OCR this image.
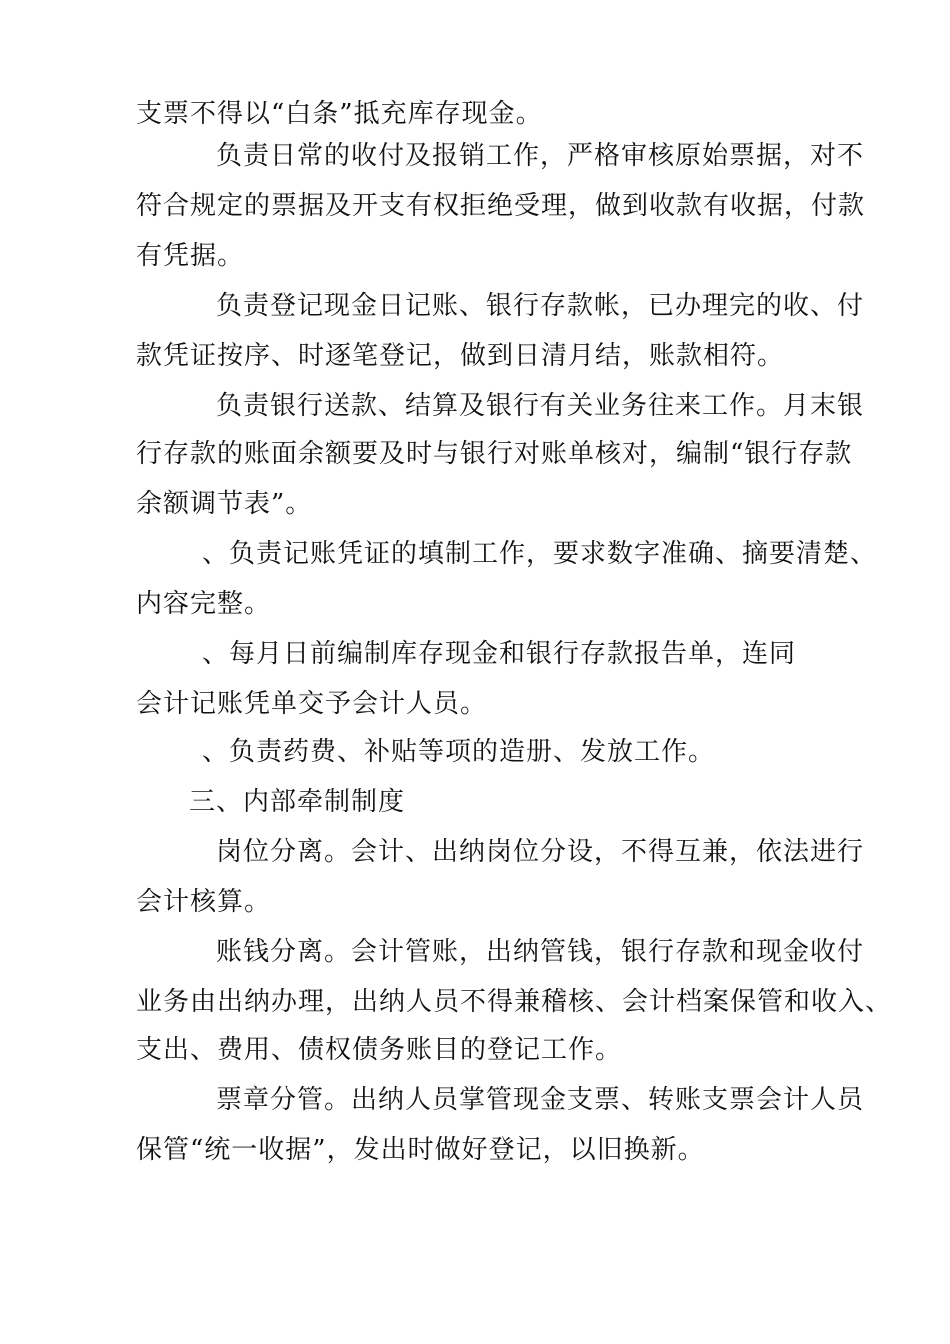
支票不得以“白条”抵充库存现金。
负责日常的收付及报销工作，严格审核原始票据，对不
符合规定的票据及开支有权拒绝受理，做到收款有收据，付款
有凭据。
负责登记现金日记账、银行存款帐，已办理完的收、付
款凭证按序、时逐笔登记，做到日清月结，账款相符。
负责银行送款、结算及银行有关业务往来工作。月末银
行存款的账面余额要及时与银行对账单核对，编制“银行存款
余额调节表”。
、负责记账凭证的填制工作，要求数字准确、摘要清楚、
内容完整。
、每月日前编制库存现金和银行存款报告单，连同
会计记账凭单交予会计人员。
、负责药费、补贴等项的造册、发放工作。
三、内部牵制制度
岗位分离。会计、出纳岗位分设，不得互兼，依法进行
会计核算。
账钱分离。会计管账，出纳管钱，银行存款和现金收付
业务由出纳办理，出纳人员不得兼稽核、会计档案保管和收入、
支出、费用、债权债务账目的登记工作。
票章分管。出纳人员掌管现金支票、转账支票会计人员
保管“统一收据”，发出时做好登记，以旧换新。
